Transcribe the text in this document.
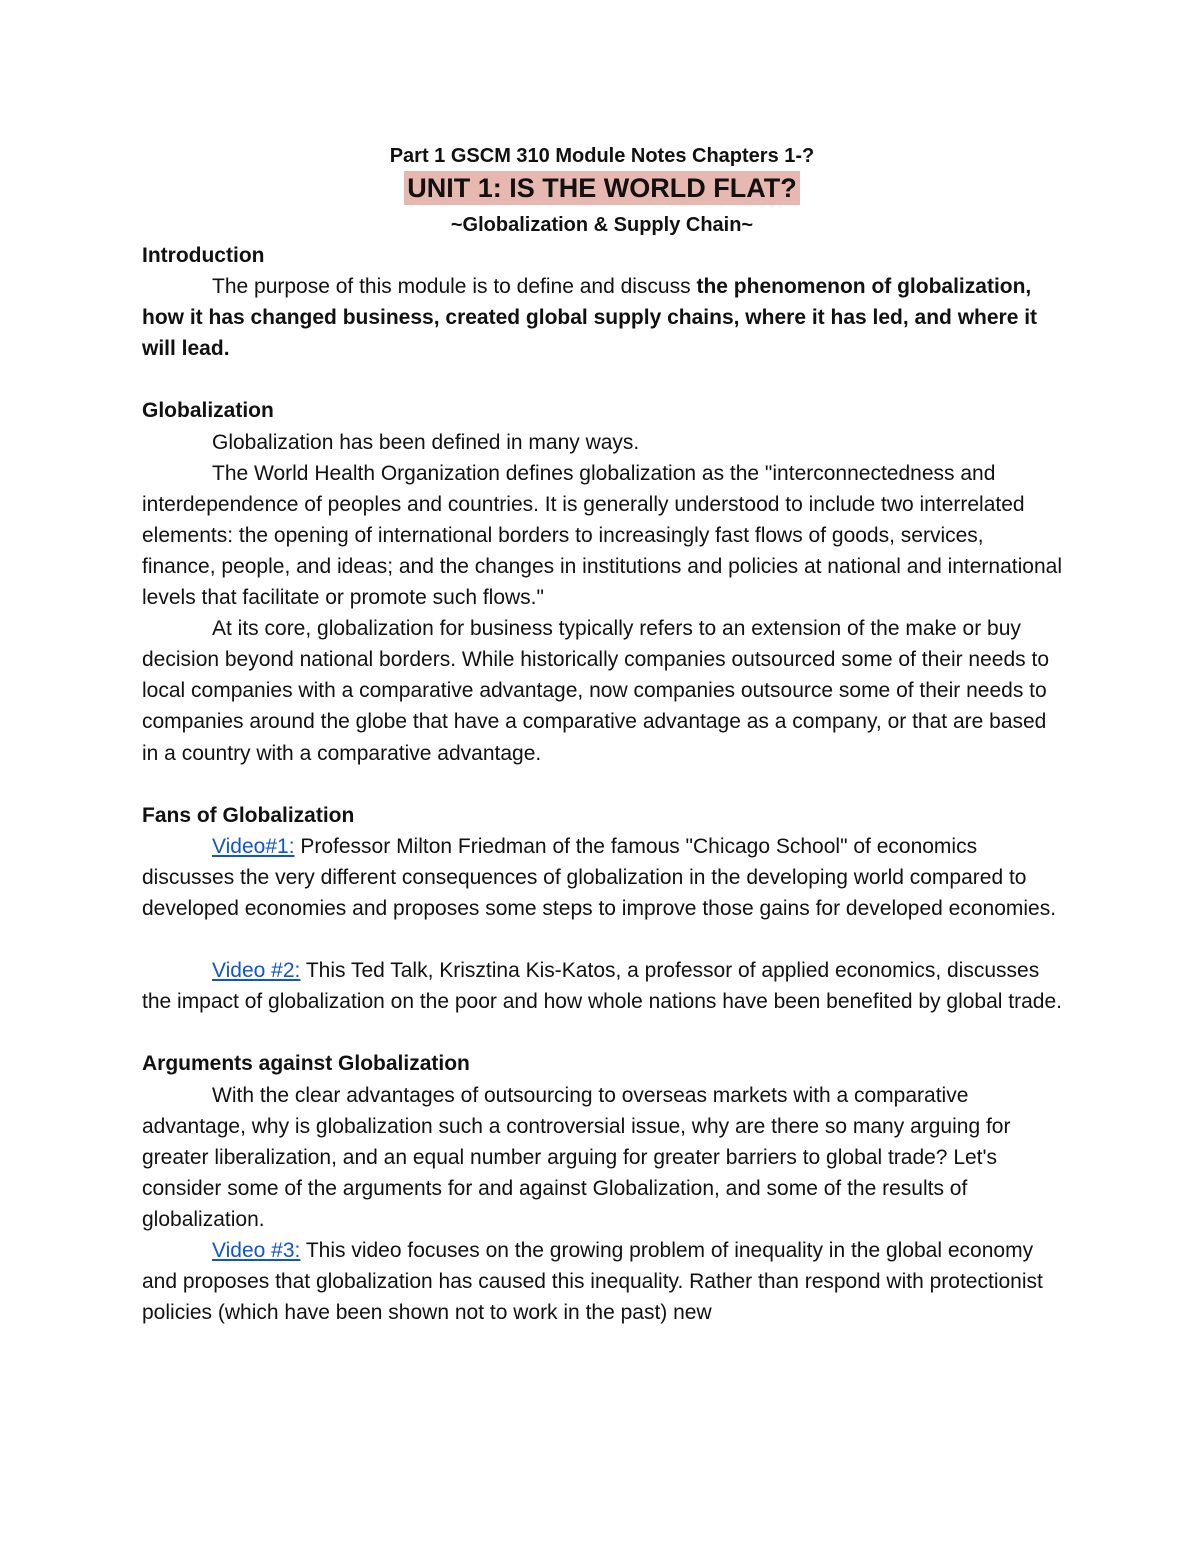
Part 1 GSCM 310 Module Notes Chapters 1-?

UNIT 1: IS THE WORLD FLAT?

~Globalization & Supply Chain~

Introduction

The purpose of this module is to define and discuss the phenomenon of globalization, how it has changed business, created global supply chains, where it has led, and where it will lead.

Globalization

Globalization has been defined in many ways.

The World Health Organization defines globalization as the "interconnectedness and interdependence of peoples and countries. It is generally understood to include two interrelated elements: the opening of international borders to increasingly fast flows of goods, services, finance, people, and ideas; and the changes in institutions and policies at national and international levels that facilitate or promote such flows."

At its core, globalization for business typically refers to an extension of the make or buy decision beyond national borders. While historically companies outsourced some of their needs to local companies with a comparative advantage, now companies outsource some of their needs to companies around the globe that have a comparative advantage as a company, or that are based in a country with a comparative advantage.

Fans of Globalization

Video#1: Professor Milton Friedman of the famous "Chicago School" of economics discusses the very different consequences of globalization in the developing world compared to developed economies and proposes some steps to improve those gains for developed economies.

Video #2: This Ted Talk, Krisztina Kis-Katos, a professor of applied economics, discusses the impact of globalization on the poor and how whole nations have been benefited by global trade.

Arguments against Globalization

With the clear advantages of outsourcing to overseas markets with a comparative advantage, why is globalization such a controversial issue, why are there so many arguing for greater liberalization, and an equal number arguing for greater barriers to global trade? Let's consider some of the arguments for and against Globalization, and some of the results of globalization.

Video #3: This video focuses on the growing problem of inequality in the global economy and proposes that globalization has caused this inequality. Rather than respond with protectionist policies (which have been shown not to work in the past) new
